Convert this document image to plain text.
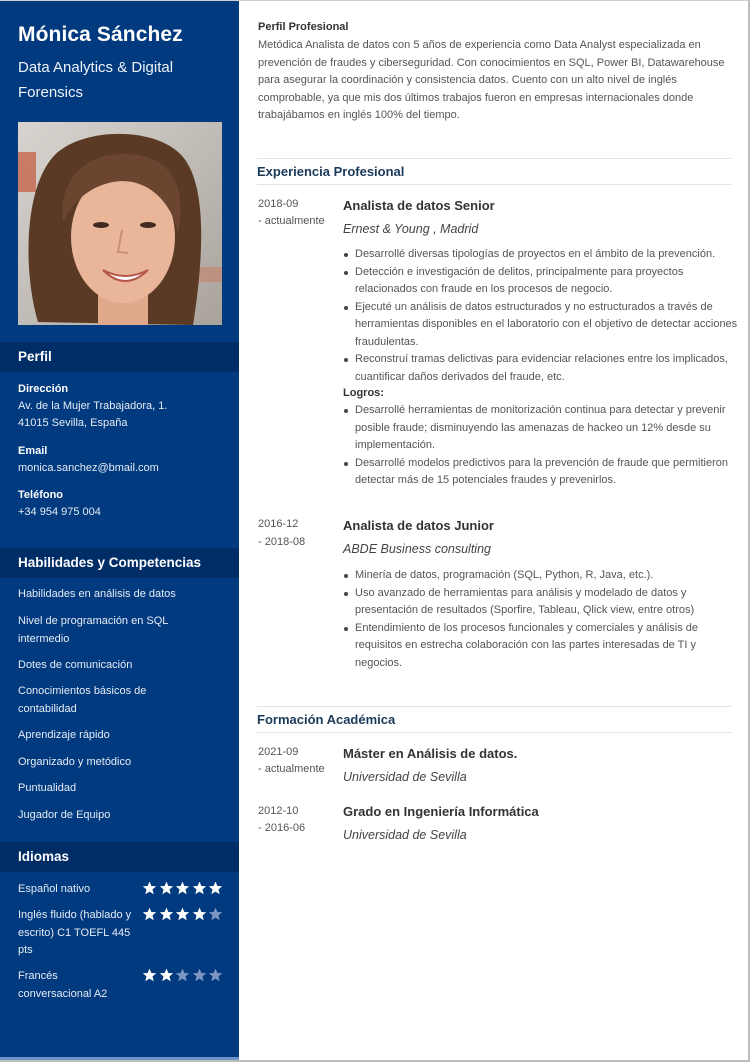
Mónica Sánchez
Data Analytics & Digital Forensics
Perfil
Dirección
Av. de la Mujer Trabajadora, 1.
41015 Sevilla, España
Email
monica.sanchez@bmail.com
Teléfono
+34 954 975 004
Habilidades y Competencias
Habilidades en análisis de datos
Nivel de programación en SQL intermedio
Dotes de comunicación
Conocimientos básicos de contabilidad
Aprendizaje rápido
Organizado y metódico
Puntualidad
Jugador de Equipo
Idiomas
Español nativo
Inglés fluido (hablado y escrito) C1 TOEFL 445 pts
Francés conversacional A2
Perfil Profesional

Metódica Analista de datos con 5 años de experiencia como Data Analyst especializada en prevención de fraudes y ciberseguridad. Con conocimientos en SQL, Power BI, Datawarehouse para asegurar la coordinación y consistencia datos. Cuento con un alto nivel de inglés comprobable, ya que mis dos últimos trabajos fueron en empresas internacionales donde trabajábamos en inglés 100% del tiempo.

Experiencia Profesional
2018-09
- actualmente
Analista de datos Senior
Ernest & Young , Madrid
Desarrollé diversas tipologías de proyectos en el ámbito de la prevención.
Detección e investigación de delitos, principalmente para proyectos relacionados con fraude en los procesos de negocio.
Ejecuté un análisis de datos estructurados y no estructurados a través de herramientas disponibles en el laboratorio con el objetivo de detectar acciones fraudulentas.
Reconstruí tramas delictivas para evidenciar relaciones entre los implicados, cuantificar daños derivados del fraude, etc.
Logros:
Desarrollé herramientas de monitorización continua para detectar y prevenir posible fraude; disminuyendo las amenazas de hackeo un 12% desde su implementación.
Desarrollé modelos predictivos para la prevención de fraude que permitieron detectar más de 15 potenciales fraudes y prevenirlos.
2016-12
- 2018-08
Analista de datos Junior
ABDE Business consulting
Minería de datos, programación (SQL, Python, R, Java, etc.).
Uso avanzado de herramientas para análisis y modelado de datos y presentación de resultados (Sporfire, Tableau, Qlick view, entre otros)
Entendimiento de los procesos funcionales y comerciales y análisis de requisitos en estrecha colaboración con las partes interesadas de TI y negocios.
Formación Académica
2021-09
- actualmente
Máster en Análisis de datos.
Universidad de Sevilla
2012-10
- 2016-06
Grado en Ingeniería Informática
Universidad de Sevilla
